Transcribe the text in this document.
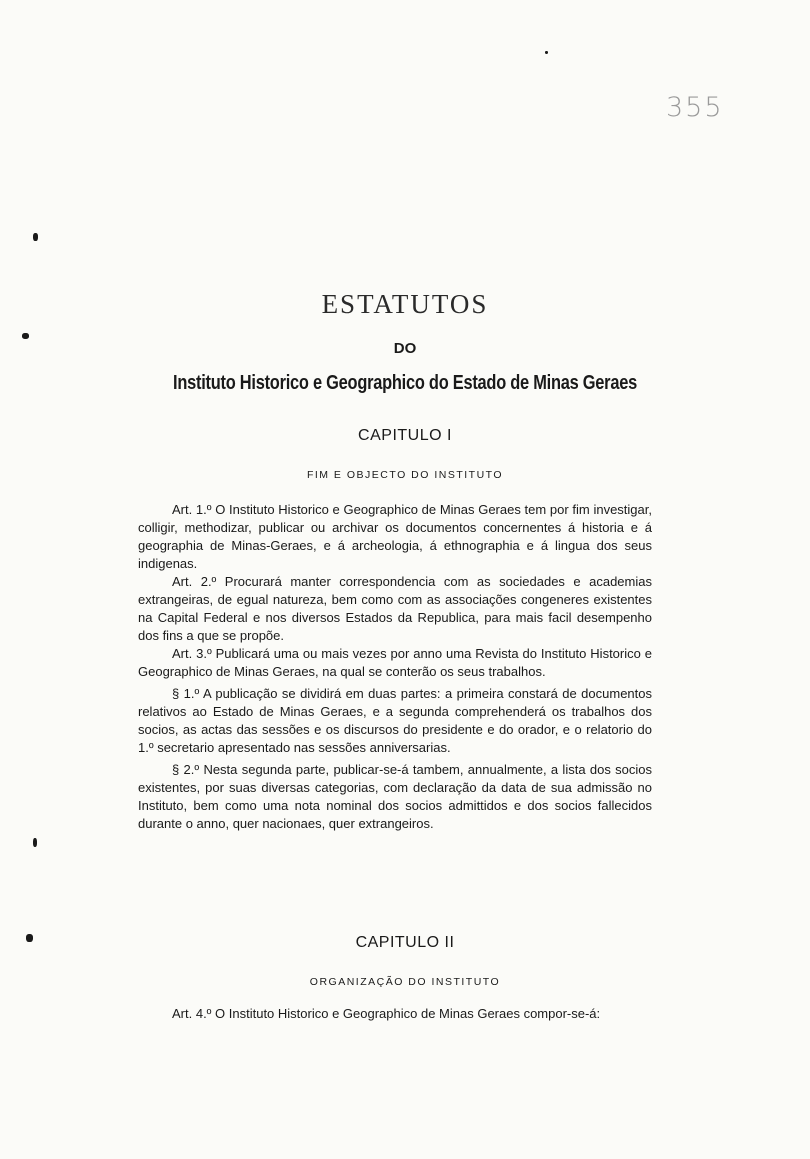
355
ESTATUTOS
DO
Instituto Historico e Geographico do Estado de Minas Geraes
CAPITULO I
FIM E OBJECTO DO INSTITUTO

Art. 1.º O Instituto Historico e Geographico de Minas Geraes tem por fim investigar, colligir, methodizar, publicar ou archivar os documentos concernentes á historia e á geographia de Minas-Geraes, e á archeologia, á ethnographia e á lingua dos seus indigenas.

Art. 2.º Procurará manter correspondencia com as sociedades e academias extrangeiras, de egual natureza, bem como com as associações congeneres existentes na Capital Federal e nos diversos Estados da Republica, para mais facil desempenho dos fins a que se propõe.

Art. 3.º Publicará uma ou mais vezes por anno uma Revista do Instituto Historico e Geographico de Minas Geraes, na qual se conterão os seus trabalhos.

§ 1.º A publicação se dividirá em duas partes: a primeira constará de documentos relativos ao Estado de Minas Geraes, e a segunda comprehenderá os trabalhos dos socios, as actas das sessões e os discursos do presidente e do orador, e o relatorio do 1.º secretario apresentado nas sessões anniversarias.

§ 2.º Nesta segunda parte, publicar-se-á tambem, annualmente, a lista dos socios existentes, por suas diversas categorias, com declaração da data de sua admissão no Instituto, bem como uma nota nominal dos socios admittidos e dos socios fallecidos durante o anno, quer nacionaes, quer extrangeiros.

CAPITULO II
ORGANIZAÇÃO DO INSTITUTO

Art. 4.º O Instituto Historico e Geographico de Minas Geraes compor-se-á:
